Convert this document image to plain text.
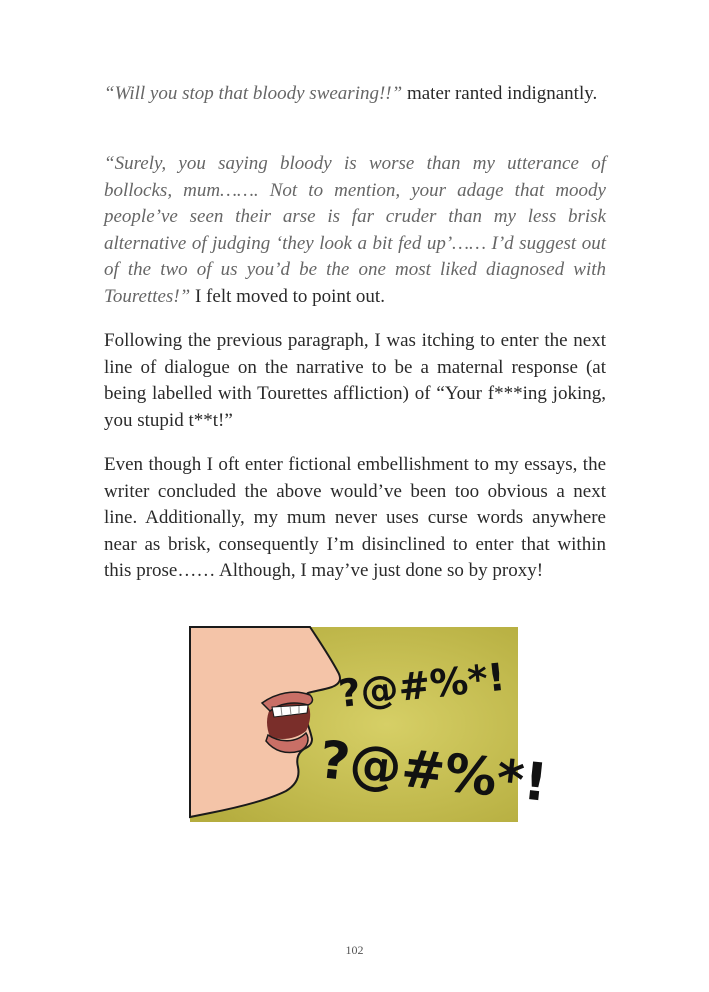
“Will you stop that bloody swearing!!” mater ranted indignantly.

“Surely, you saying bloody is worse than my utterance of bollocks, mum……. Not to mention, your adage that moody people’ve seen their arse is far cruder than my less brisk alternative of judging ‘they look a bit fed up’…… I’d suggest out of the two of us you’d be the one most liked diagnosed with Tourettes!” I felt moved to point out.

Following the previous paragraph, I was itching to enter the next line of dialogue on the narrative to be a maternal response (at being labelled with Tourettes affliction) of “Your f***ing joking, you stupid t**t!”

Even though I oft enter fictional embellishment to my essays, the writer concluded the above would’ve been too obvious a next line. Additionally, my mum never uses curse words anywhere near as brisk, consequently I’m disinclined to enter that within this prose…… Although, I may’ve just done so by proxy!

?@#%*!
?@#%*!
102
